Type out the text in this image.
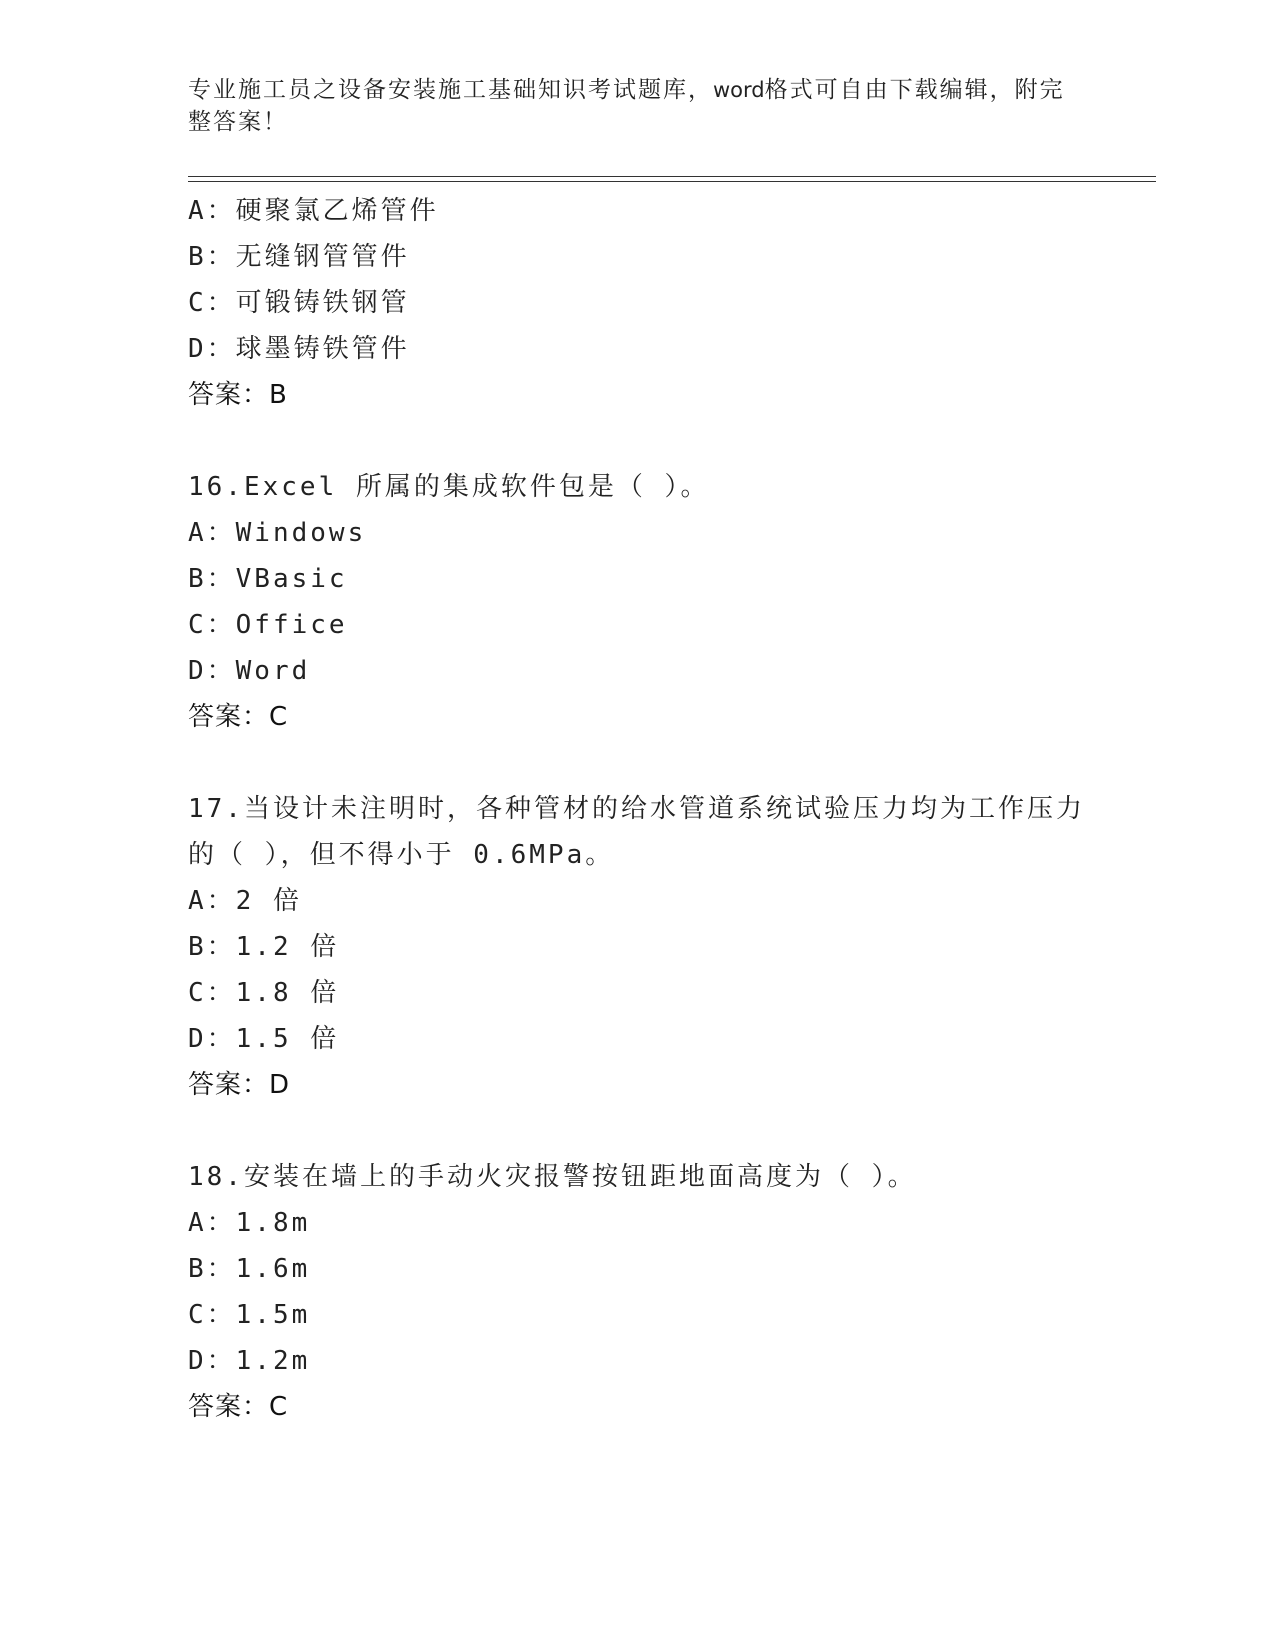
专业施工员之设备安装施工基础知识考试题库，word格式可自由下载编辑，附完
整答案！
A：硬聚氯乙烯管件
B：无缝钢管管件
C：可锻铸铁钢管
D：球墨铸铁管件
答案：B
16.Excel 所属的集成软件包是（ ）。
A：Windows
B：VBasic
C：Office
D：Word
答案：C
17.当设计未注明时，各种管材的给水管道系统试验压力均为工作压力
的（ ），但不得小于 0.6MPa。
A：2 倍
B：1.2 倍
C：1.8 倍
D：1.5 倍
答案：D
18.安装在墙上的手动火灾报警按钮距地面高度为（ ）。
A：1.8m
B：1.6m
C：1.5m
D：1.2m
答案：C
